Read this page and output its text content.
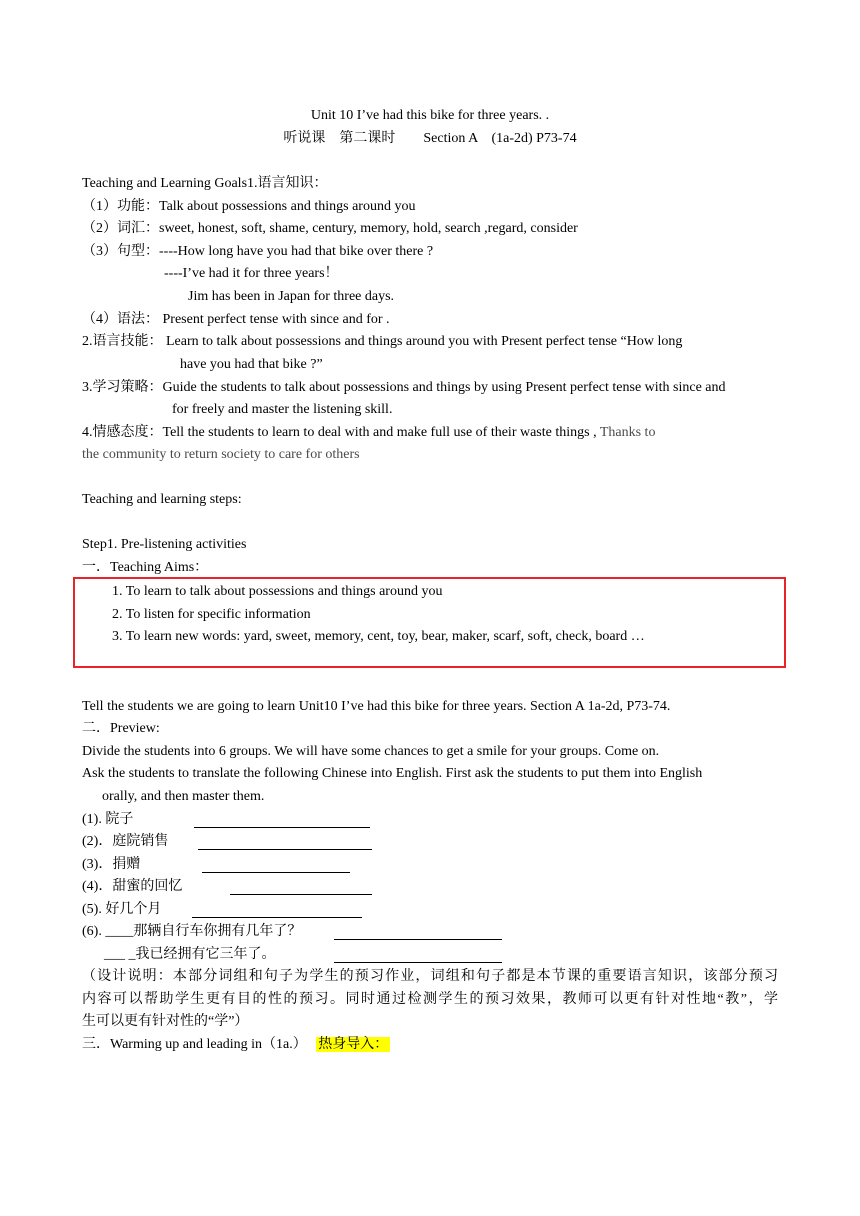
Unit 10 I’ve had this bike for three years. .
听说课　第二课时　　Section A　(1a-2d) P73-74
Teaching and Learning Goals1.语言知识：
（1）功能：Talk about possessions and things around you
（2）词汇：sweet, honest, soft, shame, century, memory, hold, search ,regard, consider
（3）句型：----How long have you had that bike over there ?
----I’ve had it for three years！
Jim has been in Japan for three days.
（4）语法： Present perfect tense with since and for .
2.语言技能： Learn to talk about possessions and things around you with Present perfect tense “How long
have you had that bike ?”
3.学习策略：Guide the students to talk about possessions and things by using Present perfect tense with since and
for freely and master the listening skill.
4.情感态度：Tell the students to learn to deal with and make full use of their waste things , Thanks to
the community to return society to care for others
Teaching and learning steps:
Step1. Pre-listening activities
一．Teaching Aims：
1. To learn to talk about possessions and things around you
2. To listen for specific information
3. To learn new words: yard, sweet, memory, cent, toy, bear, maker, scarf, soft, check, board …
Tell the students we are going to learn Unit10 I’ve had this bike for three years. Section A 1a-2d, P73-74.
二．Preview:
Divide the students into 6 groups. We will have some chances to get a smile for your groups. Come on.
Ask the students to translate the following Chinese into English. First ask the students to put them into English
orally, and then master them.
(1). 院子
(2)．庭院销售
(3)．捐赠
(4)．甜蜜的回忆
(5). 好几个月
(6). ____那辆自行车你拥有几年了？
___ _我已经拥有它三年了。
（设计说明：本部分词组和句子为学生的预习作业，词组和句子都是本节课的重要语言知识，该部分预习
内容可以帮助学生更有目的性的预习。同时通过检测学生的预习效果，教师可以更有针对性地“教”，学
生可以更有针对性的“学”）
三．Warming up and leading in（1a.） 热身导入：
